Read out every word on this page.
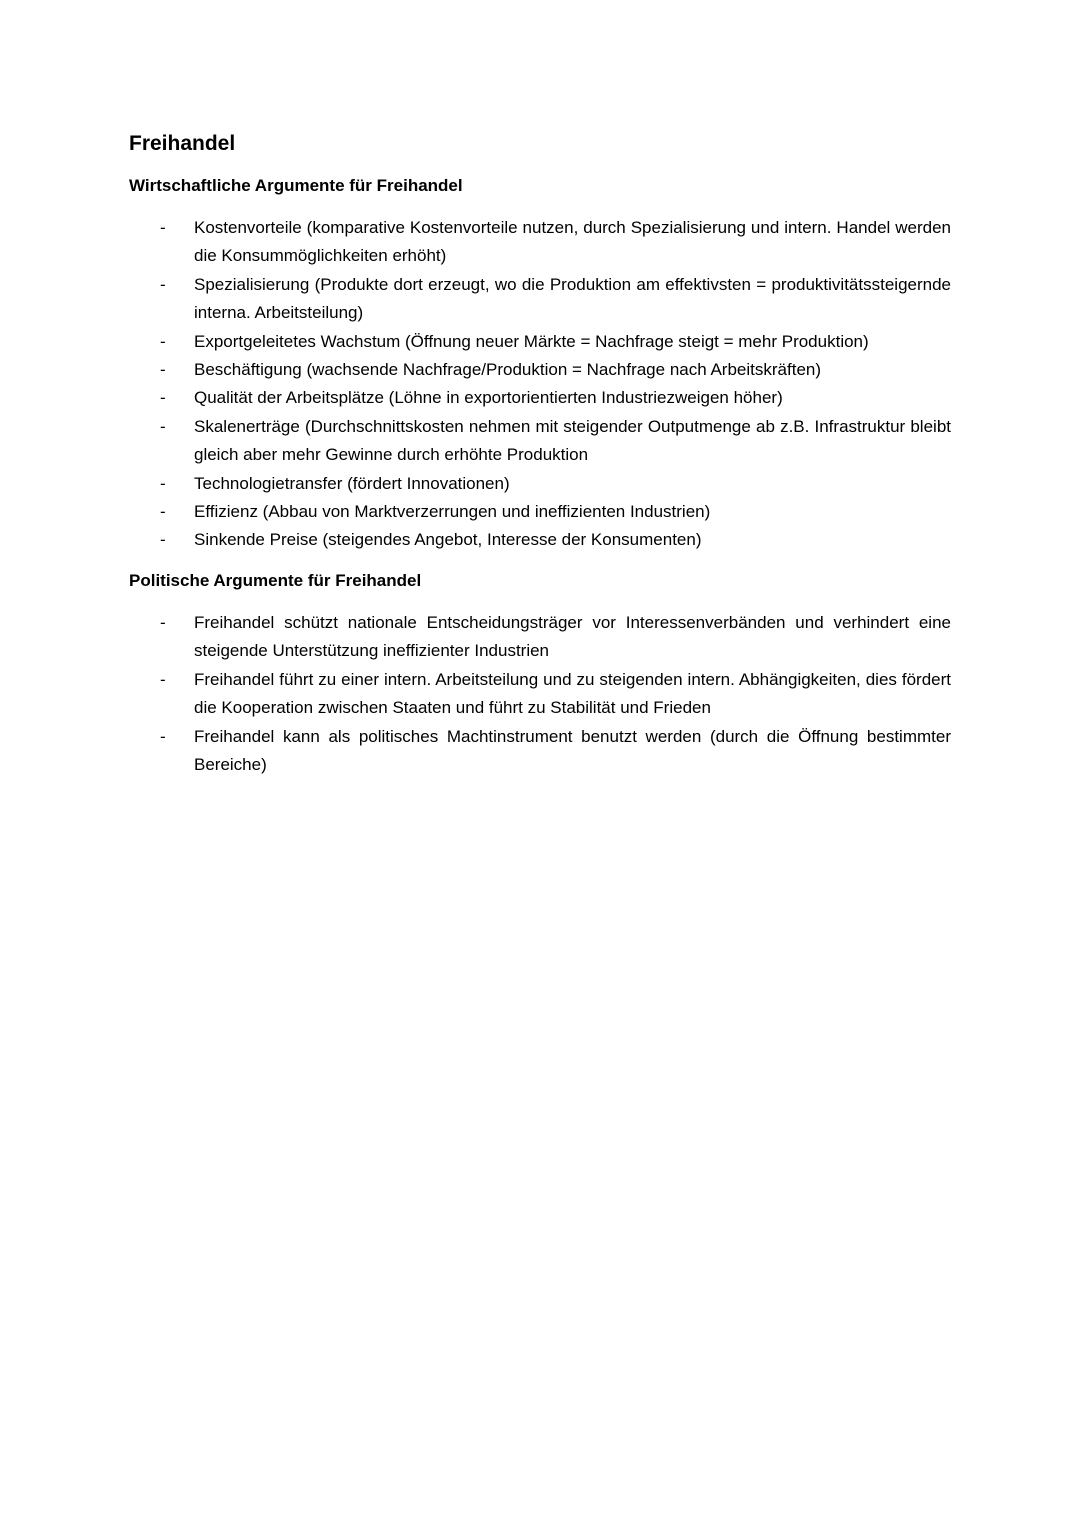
Freihandel
Wirtschaftliche Argumente für Freihandel
- Kostenvorteile (komparative Kostenvorteile nutzen, durch Spezialisierung und intern. Handel werden die Konsummöglichkeiten erhöht)
- Spezialisierung (Produkte dort erzeugt, wo die Produktion am effektivsten = produktivitätssteigernde interna. Arbeitsteilung)
- Exportgeleitetes Wachstum (Öffnung neuer Märkte = Nachfrage steigt = mehr Produktion)
- Beschäftigung (wachsende Nachfrage/Produktion = Nachfrage nach Arbeitskräften)
- Qualität der Arbeitsplätze (Löhne in exportorientierten Industriezweigen höher)
- Skalenerträge (Durchschnittskosten nehmen mit steigender Outputmenge ab z.B. Infrastruktur bleibt gleich aber mehr Gewinne durch erhöhte Produktion
- Technologietransfer (fördert Innovationen)
- Effizienz (Abbau von Marktverzerrungen und ineffizienten Industrien)
- Sinkende Preise (steigendes Angebot, Interesse der Konsumenten)
Politische Argumente für Freihandel
- Freihandel schützt nationale Entscheidungsträger vor Interessenverbänden und verhindert eine steigende Unterstützung ineffizienter Industrien
- Freihandel führt zu einer intern. Arbeitsteilung und zu steigenden intern. Abhängigkeiten, dies fördert die Kooperation zwischen Staaten und führt zu Stabilität und Frieden
- Freihandel kann als politisches Machtinstrument benutzt werden (durch die Öffnung bestimmter Bereiche)
